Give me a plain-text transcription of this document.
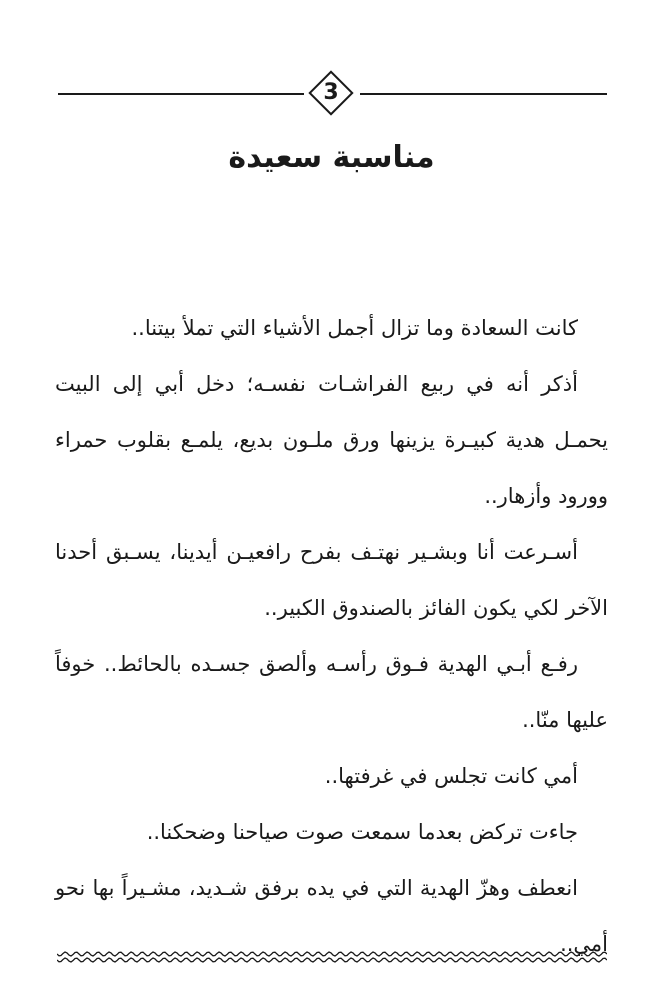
3
مناسبة سعيدة

كانت السعادة وما تزال أجمل الأشياء التي تملأ بيتنا..

أذكر أنه في ربيع الفراشـات نفسـه؛ دخل أبي إلى البيت يحمـل هدية كبيـرة يزينها ورق ملـون بديع، يلمـع بقلوب حمراء وورود وأزهار..

أسـرعت أنا وبشـير نهتـف بفرح رافعيـن أيدينا، يسـبق أحدنا الآخر لكي يكون الفائز بالصندوق الكبير..

رفـع أبـي الهدية فـوق رأسـه وألصق جسـده بالحائط.. خوفاً عليها منّا..

أمي كانت تجلس في غرفتها..

جاءت تركض بعدما سمعت صوت صياحنا وضحكنا..

انعطف وهزّ الهدية التي في يده برفق شـديد، مشـيراً بها نحو أمي..
